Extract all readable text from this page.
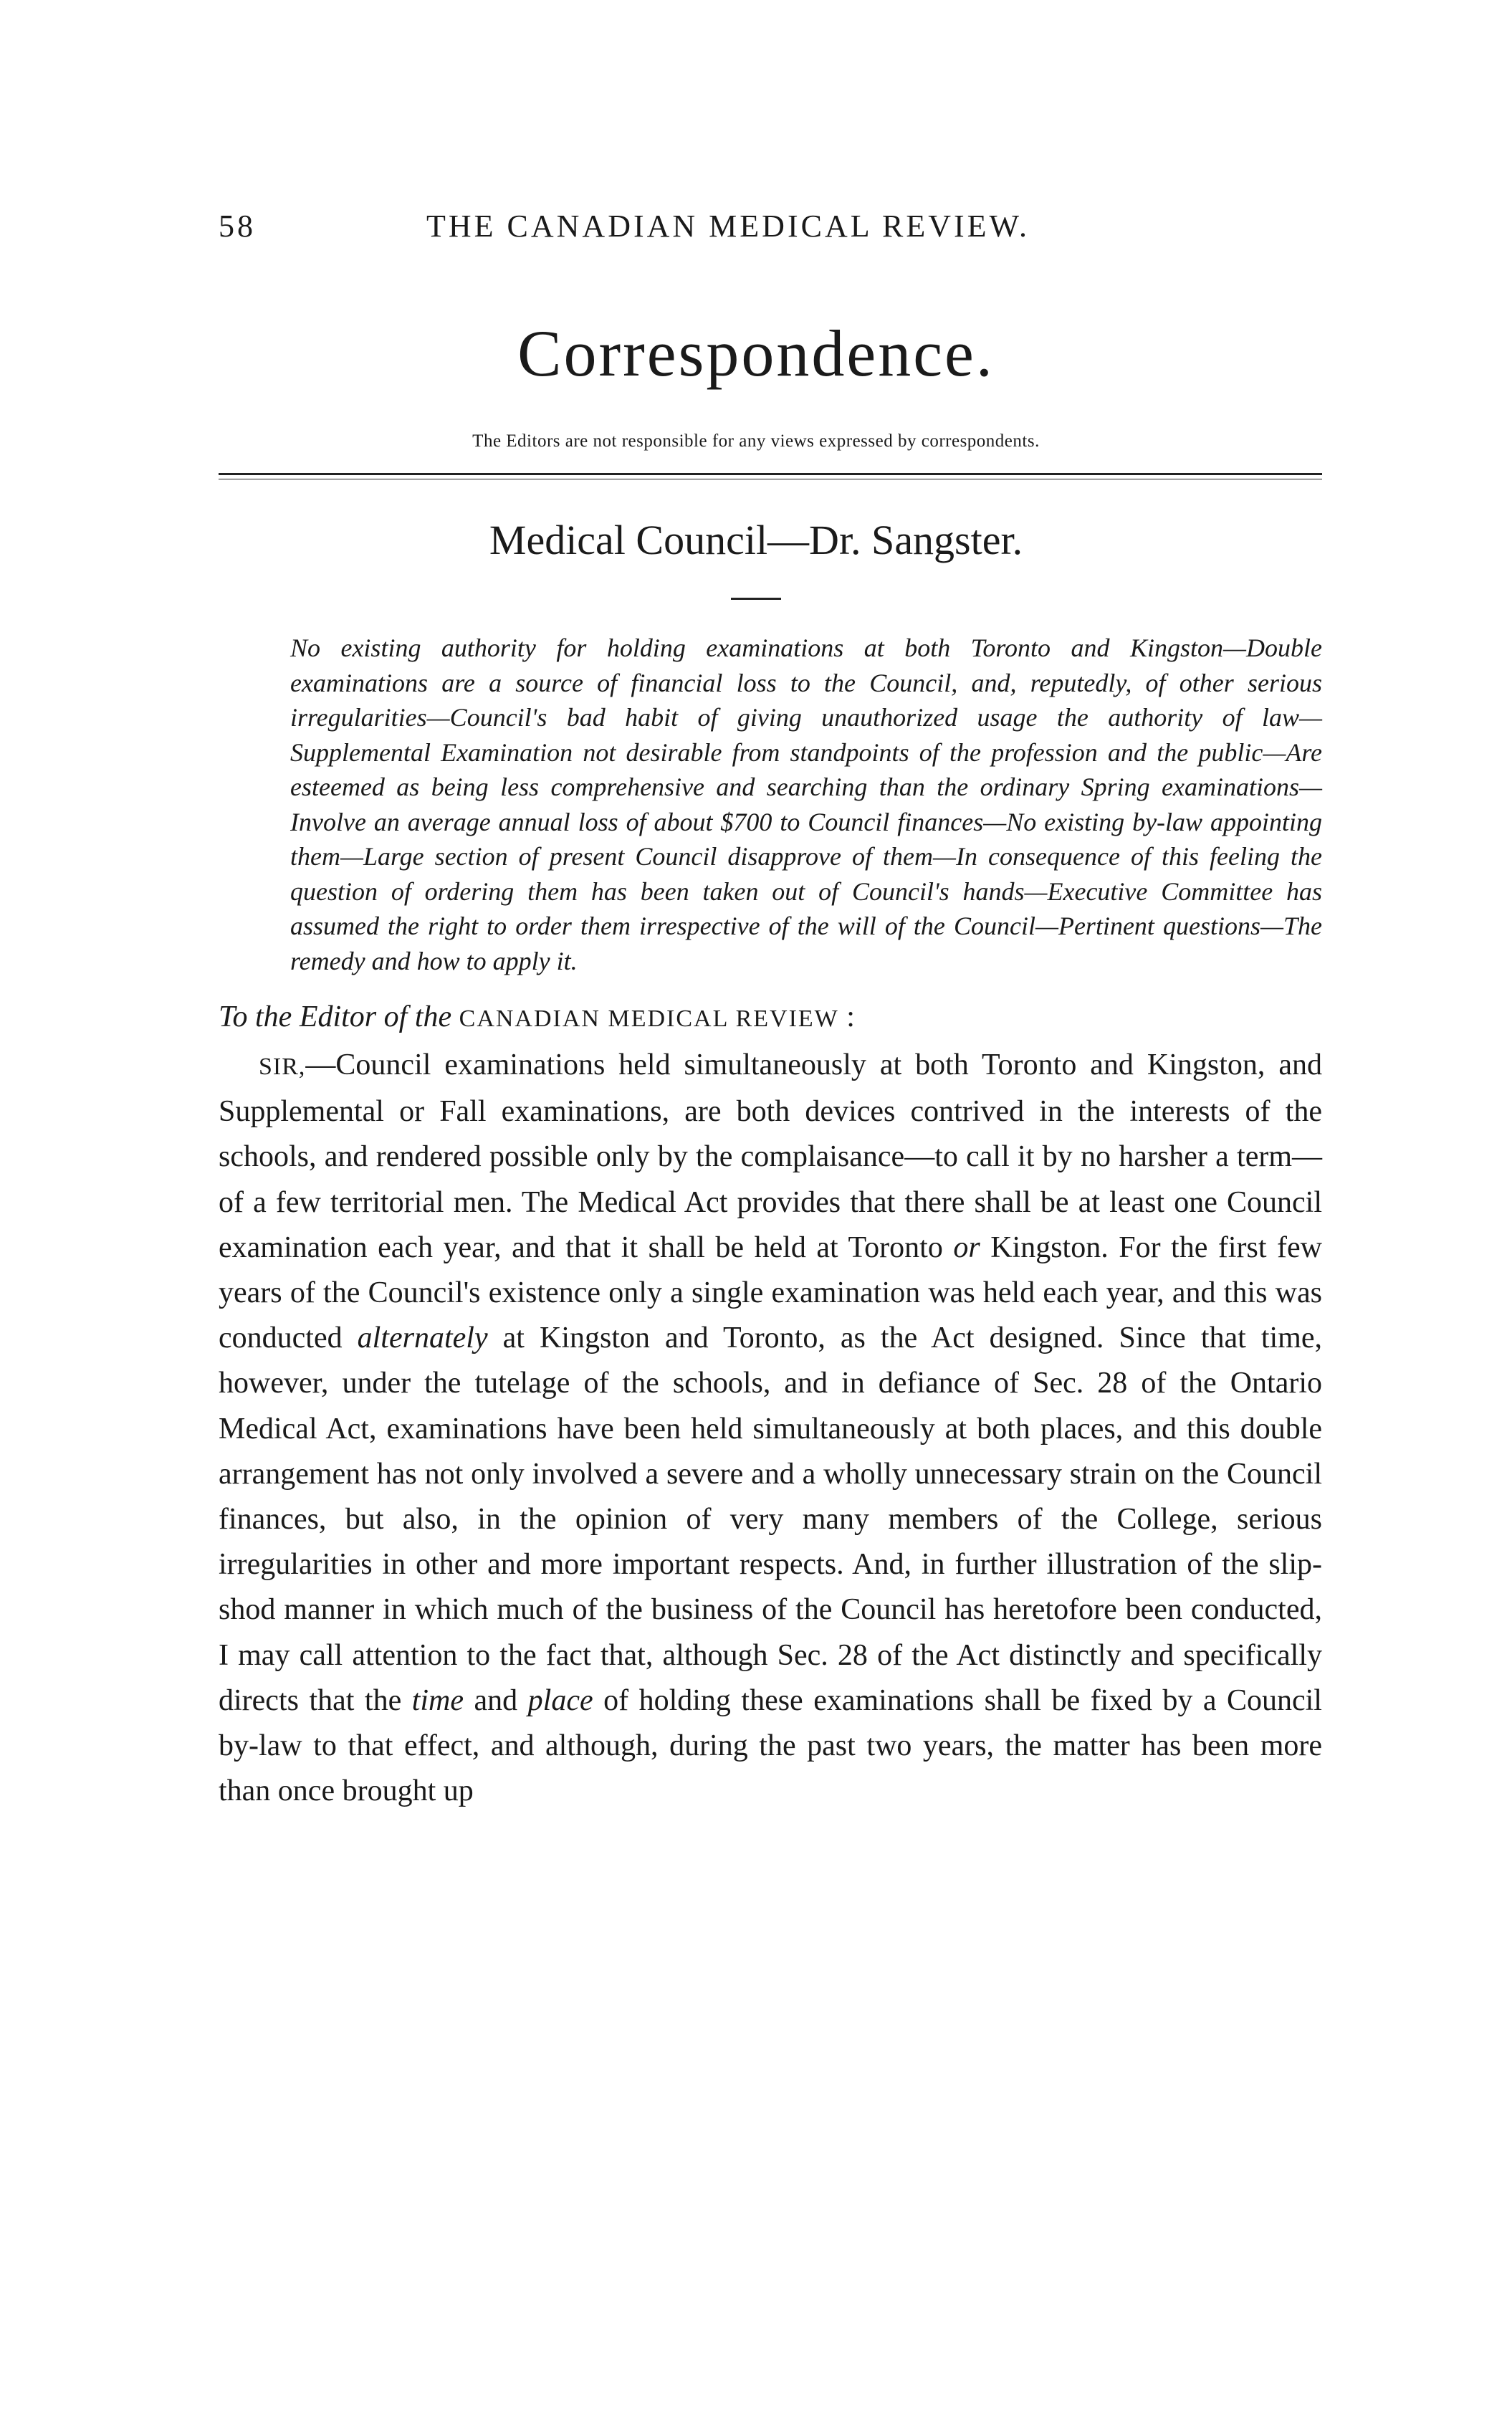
58	THE CANADIAN MEDICAL REVIEW.
Correspondence.
The Editors are not responsible for any views expressed by correspondents.
Medical Council—Dr. Sangster.
No existing authority for holding examinations at both Toronto and Kingston—Double examinations are a source of financial loss to the Council, and, reputedly, of other serious irregularities—Council's bad habit of giving unauthorized usage the authority of law—Supplemental Examination not desirable from standpoints of the profession and the public—Are esteemed as being less comprehensive and searching than the ordinary Spring examinations—Involve an average annual loss of about $700 to Council finances—No existing by-law appointing them—Large section of present Council disapprove of them—In consequence of this feeling the question of ordering them has been taken out of Council's hands—Executive Committee has assumed the right to order them irrespective of the will of the Council—Pertinent questions—The remedy and how to apply it.
To the Editor of the CANADIAN MEDICAL REVIEW :

SIR,—Council examinations held simultaneously at both Toronto and Kingston, and Supplemental or Fall examinations, are both devices contrived in the interests of the schools, and rendered possible only by the complaisance—to call it by no harsher a term—of a few territorial men. The Medical Act provides that there shall be at least one Council examination each year, and that it shall be held at Toronto or Kingston. For the first few years of the Council's existence only a single examination was held each year, and this was conducted alternately at Kingston and Toronto, as the Act designed. Since that time, however, under the tutelage of the schools, and in defiance of Sec. 28 of the Ontario Medical Act, examinations have been held simultaneously at both places, and this double arrangement has not only involved a severe and a wholly unnecessary strain on the Council finances, but also, in the opinion of very many members of the College, serious irregularities in other and more important respects. And, in further illustration of the slip-shod manner in which much of the business of the Council has heretofore been conducted, I may call attention to the fact that, although Sec. 28 of the Act distinctly and specifically directs that the time and place of holding these examinations shall be fixed by a Council by-law to that effect, and although, during the past two years, the matter has been more than once brought up
